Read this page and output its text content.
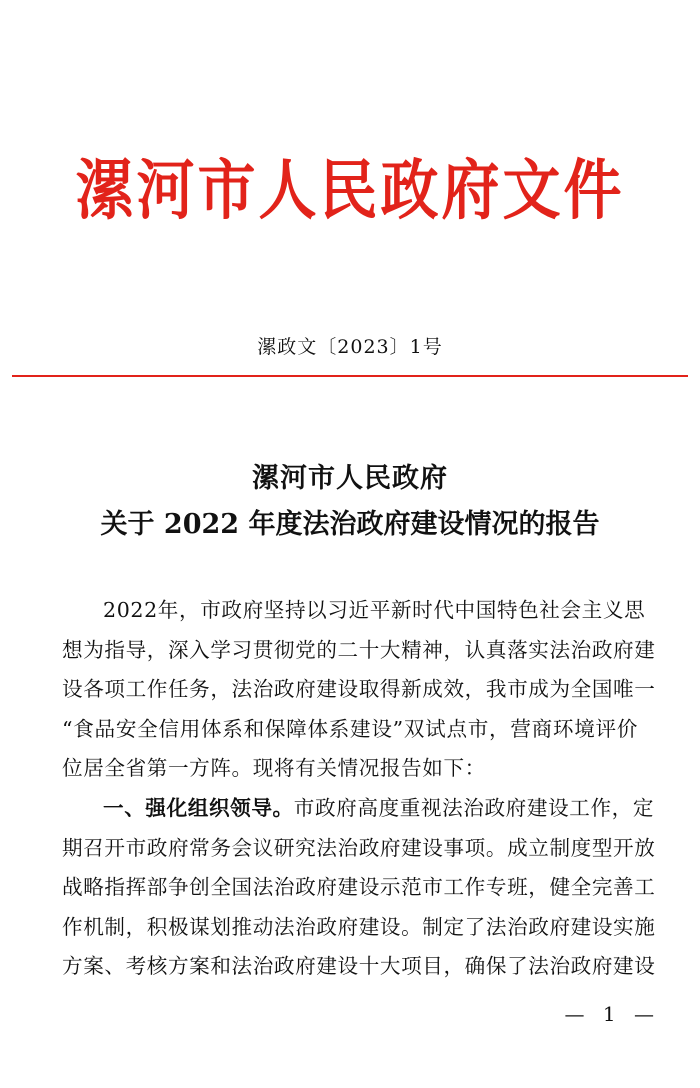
漯河市人民政府文件
漯政文〔2023〕1号
漯河市人民政府
关于 2022 年度法治政府建设情况的报告
2022年，市政府坚持以习近平新时代中国特色社会主义思
想为指导，深入学习贯彻党的二十大精神，认真落实法治政府建
设各项工作任务，法治政府建设取得新成效，我市成为全国唯一
“食品安全信用体系和保障体系建设”双试点市，营商环境评价
位居全省第一方阵。现将有关情况报告如下：
一、强化组织领导。市政府高度重视法治政府建设工作，定
期召开市政府常务会议研究法治政府建设事项。成立制度型开放
战略指挥部争创全国法治政府建设示范市工作专班，健全完善工
作机制，积极谋划推动法治政府建设。制定了法治政府建设实施
方案、考核方案和法治政府建设十大项目，确保了法治政府建设
— 1 —
